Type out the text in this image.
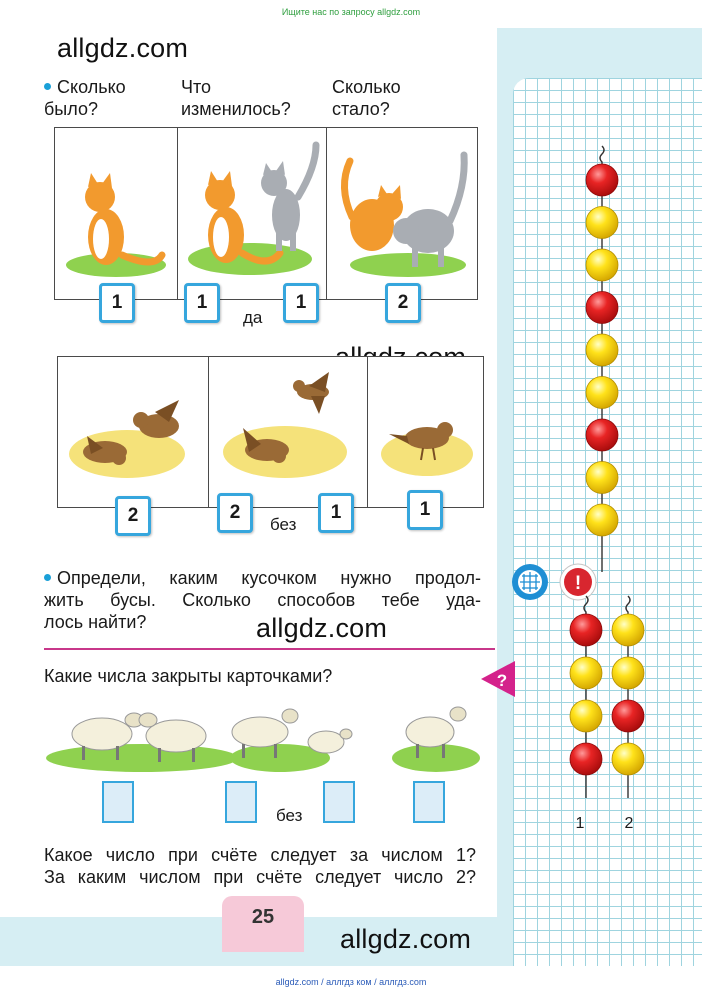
Ищите нас по запросу allgdz.com
allgdz.com / аллгдз ком / аллгдз.com
25
allgdz.com
allgdz.com
allgdz.com
Сколько было?
Что изменилось?
Сколько стало?
1	1
да
1	2
2	2
без
1	1
Определи, каким кусочком нужно продол-
жить бусы. Сколько способов тебе уда-
лось найти?
Какие числа закрыты карточками?
без
Какое число при счёте следует за числом 1?
За каким числом при счёте следует число 2?
?
!
1	2
